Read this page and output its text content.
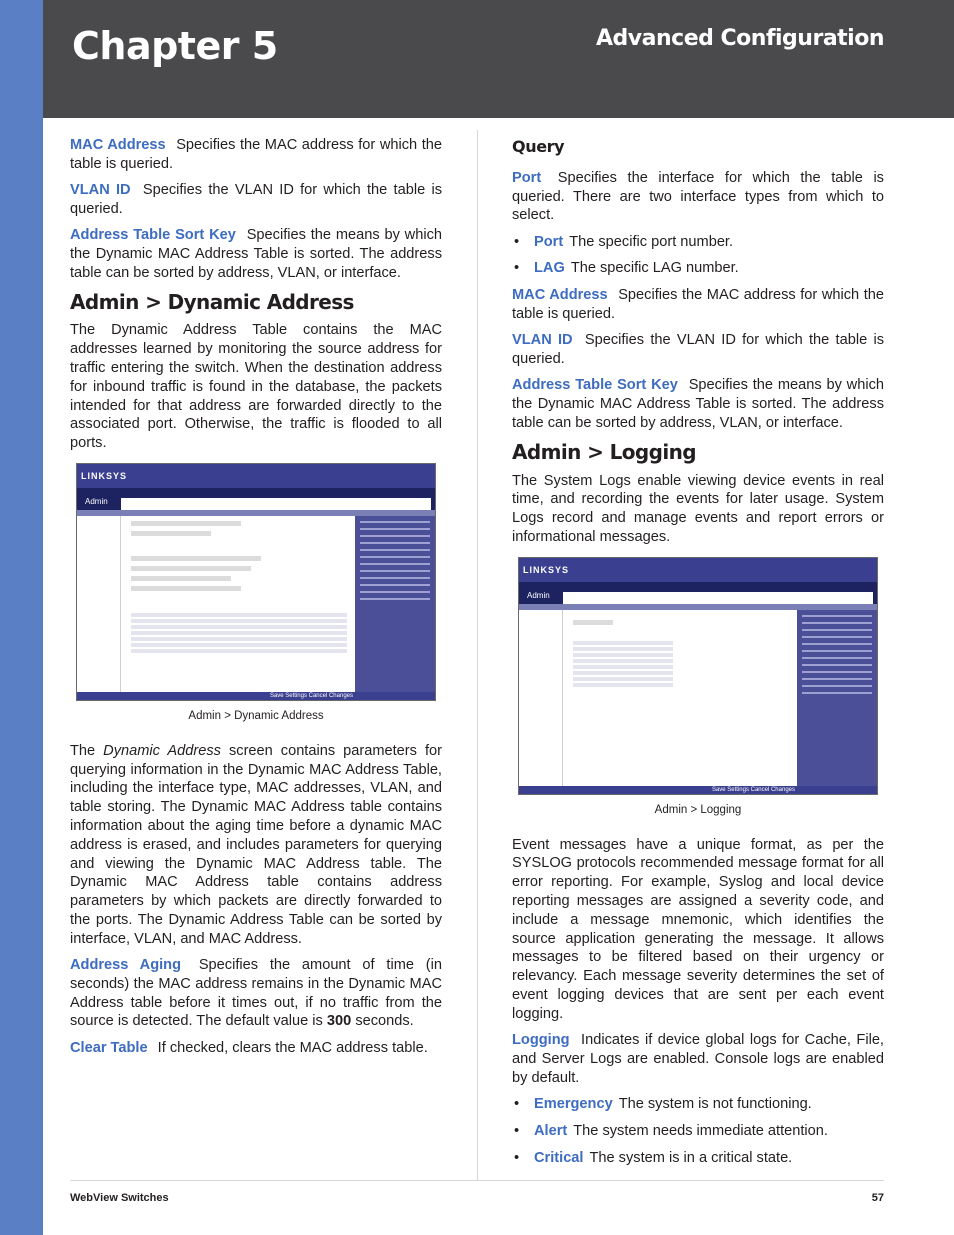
Chapter 5	Advanced Configuration

MAC Address Specifies the MAC address for which the table is queried.

VLAN ID Specifies the VLAN ID for which the table is queried.

Address Table Sort Key Specifies the means by which the Dynamic MAC Address Table is sorted. The address table can be sorted by address, VLAN, or interface.

Admin > Dynamic Address

The Dynamic Address Table contains the MAC addresses learned by monitoring the source address for traffic entering the switch. When the destination address for inbound traffic is found in the database, the packets intended for that address are forwarded directly to the associated port. Otherwise, the traffic is flooded to all ports.

LINKSYS
Admin
Save Settings Cancel Changes
Admin > Dynamic Address

The Dynamic Address screen contains parameters for querying information in the Dynamic MAC Address Table, including the interface type, MAC addresses, VLAN, and table storing. The Dynamic MAC Address table contains information about the aging time before a dynamic MAC address is erased, and includes parameters for querying and viewing the Dynamic MAC Address table. The Dynamic MAC Address table contains address parameters by which packets are directly forwarded to the ports. The Dynamic Address Table can be sorted by interface, VLAN, and MAC Address.

Address Aging Specifies the amount of time (in seconds) the MAC address remains in the Dynamic MAC Address table before it times out, if no traffic from the source is detected. The default value is 300 seconds.

Clear Table If checked, clears the MAC address table.

Query

Port Specifies the interface for which the table is queried. There are two interface types from which to select.

• Port The specific port number.
• LAG The specific LAG number.

MAC Address Specifies the MAC address for which the table is queried.

VLAN ID Specifies the VLAN ID for which the table is queried.

Address Table Sort Key Specifies the means by which the Dynamic MAC Address Table is sorted. The address table can be sorted by address, VLAN, or interface.

Admin > Logging

The System Logs enable viewing device events in real time, and recording the events for later usage. System Logs record and manage events and report errors or informational messages.

LINKSYS
Admin
Save Settings Cancel Changes
Admin > Logging

Event messages have a unique format, as per the SYSLOG protocols recommended message format for all error reporting. For example, Syslog and local device reporting messages are assigned a severity code, and include a message mnemonic, which identifies the source application generating the message. It allows messages to be filtered based on their urgency or relevancy. Each message severity determines the set of event logging devices that are sent per each event logging.

Logging Indicates if device global logs for Cache, File, and Server Logs are enabled. Console logs are enabled by default.

• Emergency The system is not functioning.
• Alert The system needs immediate attention.
• Critical The system is in a critical state.
WebView Switches	57
